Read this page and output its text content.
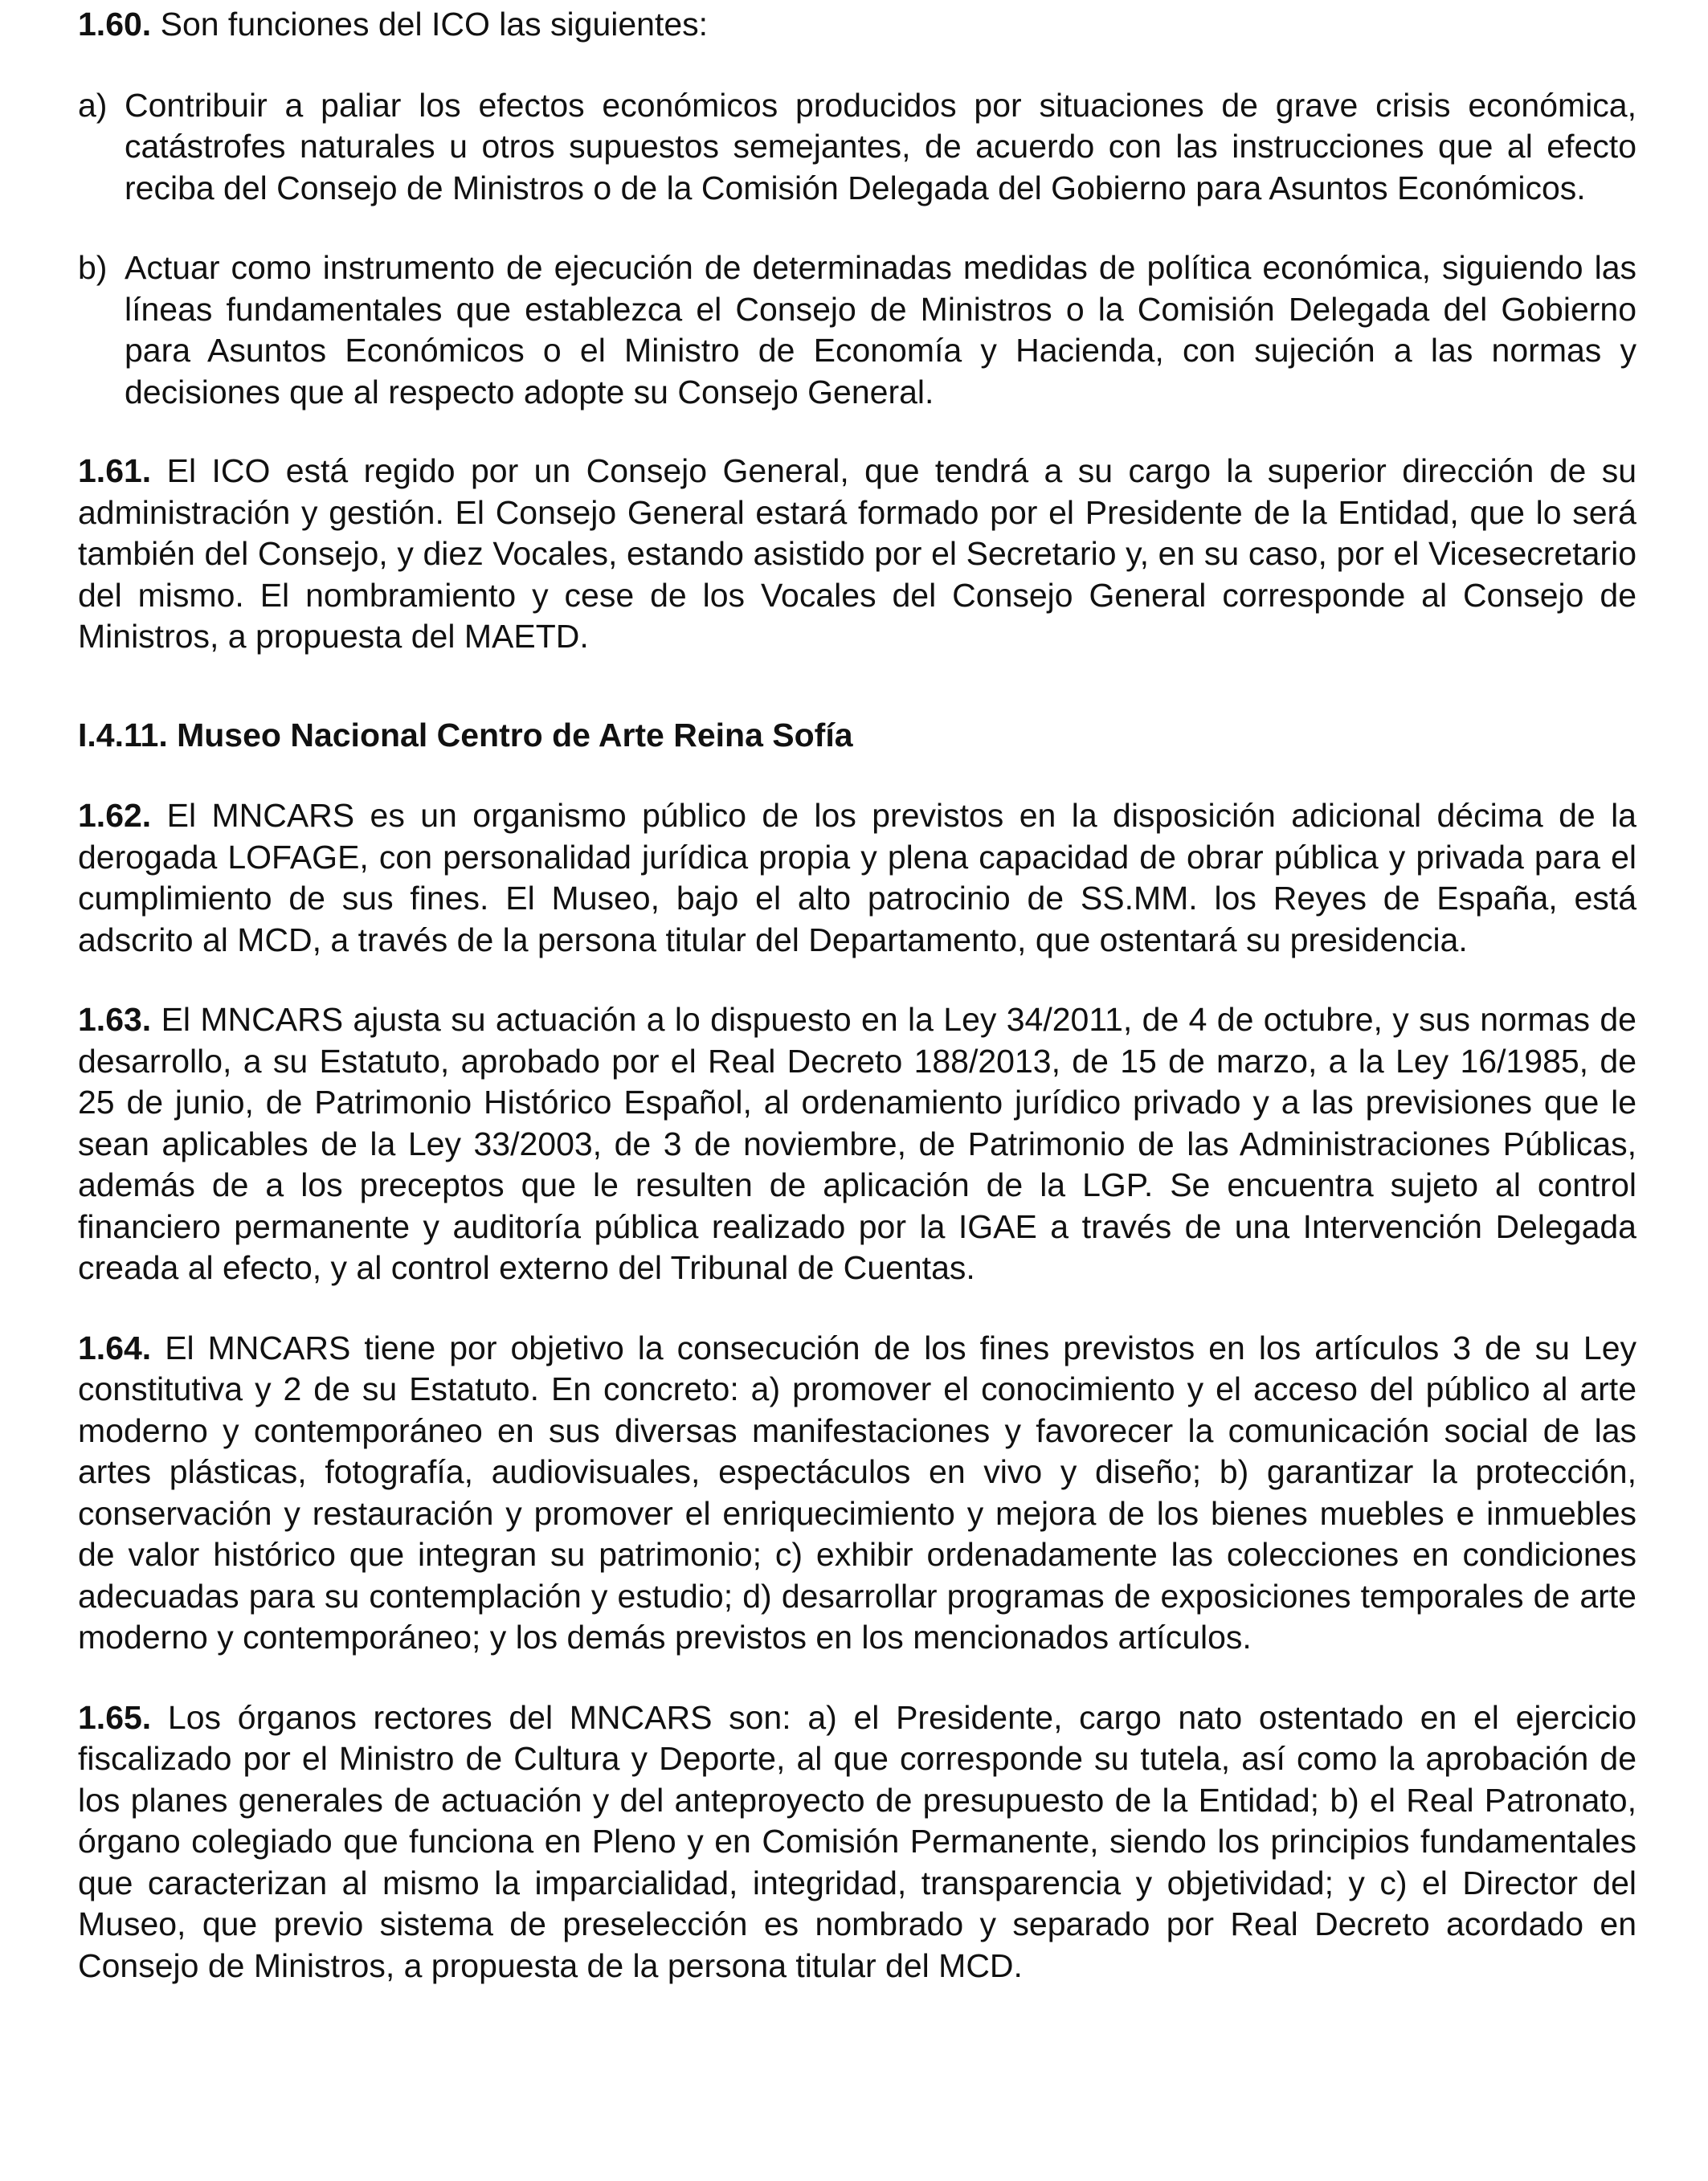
1.60. Son funciones del ICO las siguientes:

a) Contribuir a paliar los efectos económicos producidos por situaciones de grave crisis económica, catástrofes naturales u otros supuestos semejantes, de acuerdo con las instrucciones que al efecto reciba del Consejo de Ministros o de la Comisión Delegada del Gobierno para Asuntos Económicos.

b) Actuar como instrumento de ejecución de determinadas medidas de política económica, siguiendo las líneas fundamentales que establezca el Consejo de Ministros o la Comisión Delegada del Gobierno para Asuntos Económicos o el Ministro de Economía y Hacienda, con sujeción a las normas y decisiones que al respecto adopte su Consejo General.

1.61. El ICO está regido por un Consejo General, que tendrá a su cargo la superior dirección de su administración y gestión. El Consejo General estará formado por el Presidente de la Entidad, que lo será también del Consejo, y diez Vocales, estando asistido por el Secretario y, en su caso, por el Vicesecretario del mismo. El nombramiento y cese de los Vocales del Consejo General corresponde al Consejo de Ministros, a propuesta del MAETD.

I.4.11. Museo Nacional Centro de Arte Reina Sofía

1.62. El MNCARS es un organismo público de los previstos en la disposición adicional décima de la derogada LOFAGE, con personalidad jurídica propia y plena capacidad de obrar pública y privada para el cumplimiento de sus fines. El Museo, bajo el alto patrocinio de SS.MM. los Reyes de España, está adscrito al MCD, a través de la persona titular del Departamento, que ostentará su presidencia.

1.63. El MNCARS ajusta su actuación a lo dispuesto en la Ley 34/2011, de 4 de octubre, y sus normas de desarrollo, a su Estatuto, aprobado por el Real Decreto 188/2013, de 15 de marzo, a la Ley 16/1985, de 25 de junio, de Patrimonio Histórico Español, al ordenamiento jurídico privado y a las previsiones que le sean aplicables de la Ley 33/2003, de 3 de noviembre, de Patrimonio de las Administraciones Públicas, además de a los preceptos que le resulten de aplicación de la LGP. Se encuentra sujeto al control financiero permanente y auditoría pública realizado por la IGAE a través de una Intervención Delegada creada al efecto, y al control externo del Tribunal de Cuentas.

1.64. El MNCARS tiene por objetivo la consecución de los fines previstos en los artículos 3 de su Ley constitutiva y 2 de su Estatuto. En concreto: a) promover el conocimiento y el acceso del público al arte moderno y contemporáneo en sus diversas manifestaciones y favorecer la comunicación social de las artes plásticas, fotografía, audiovisuales, espectáculos en vivo y diseño; b) garantizar la protección, conservación y restauración y promover el enriquecimiento y mejora de los bienes muebles e inmuebles de valor histórico que integran su patrimonio; c) exhibir ordenadamente las colecciones en condiciones adecuadas para su contemplación y estudio; d) desarrollar programas de exposiciones temporales de arte moderno y contemporáneo; y los demás previstos en los mencionados artículos.

1.65. Los órganos rectores del MNCARS son: a) el Presidente, cargo nato ostentado en el ejercicio fiscalizado por el Ministro de Cultura y Deporte, al que corresponde su tutela, así como la aprobación de los planes generales de actuación y del anteproyecto de presupuesto de la Entidad; b) el Real Patronato, órgano colegiado que funciona en Pleno y en Comisión Permanente, siendo los principios fundamentales que caracterizan al mismo la imparcialidad, integridad, transparencia y objetividad; y c) el Director del Museo, que previo sistema de preselección es nombrado y separado por Real Decreto acordado en Consejo de Ministros, a propuesta de la persona titular del MCD.
